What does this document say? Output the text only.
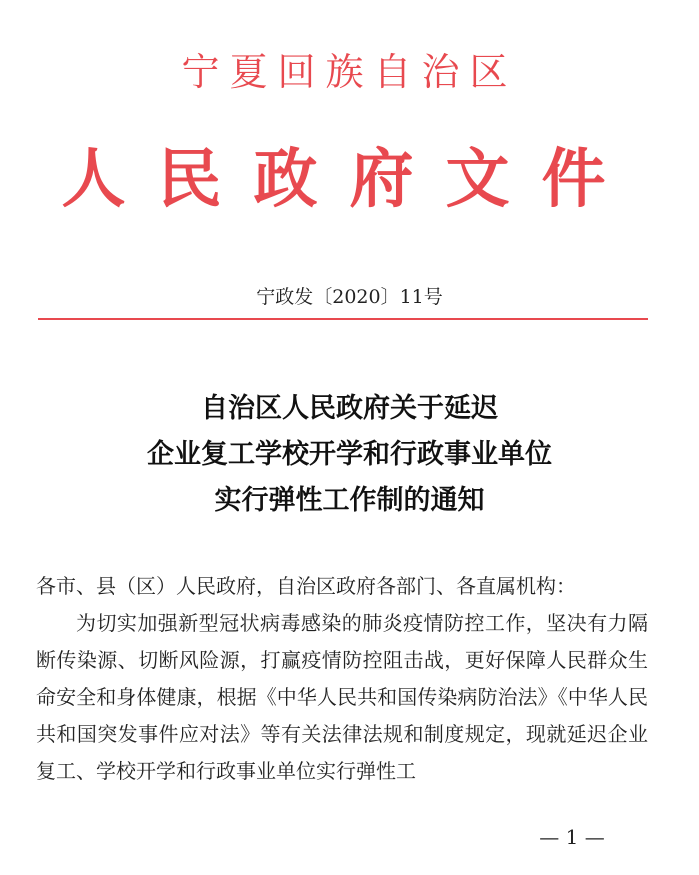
宁夏回族自治区
人民政府文件
宁政发〔2020〕11号
自治区人民政府关于延迟
企业复工学校开学和行政事业单位
实行弹性工作制的通知

各市、县（区）人民政府，自治区政府各部门、各直属机构：

为切实加强新型冠状病毒感染的肺炎疫情防控工作，坚决有力隔断传染源、切断风险源，打赢疫情防控阻击战，更好保障人民群众生命安全和身体健康，根据《中华人民共和国传染病防治法》《中华人民共和国突发事件应对法》等有关法律法规和制度规定，现就延迟企业复工、学校开学和行政事业单位实行弹性工

— 1 —
